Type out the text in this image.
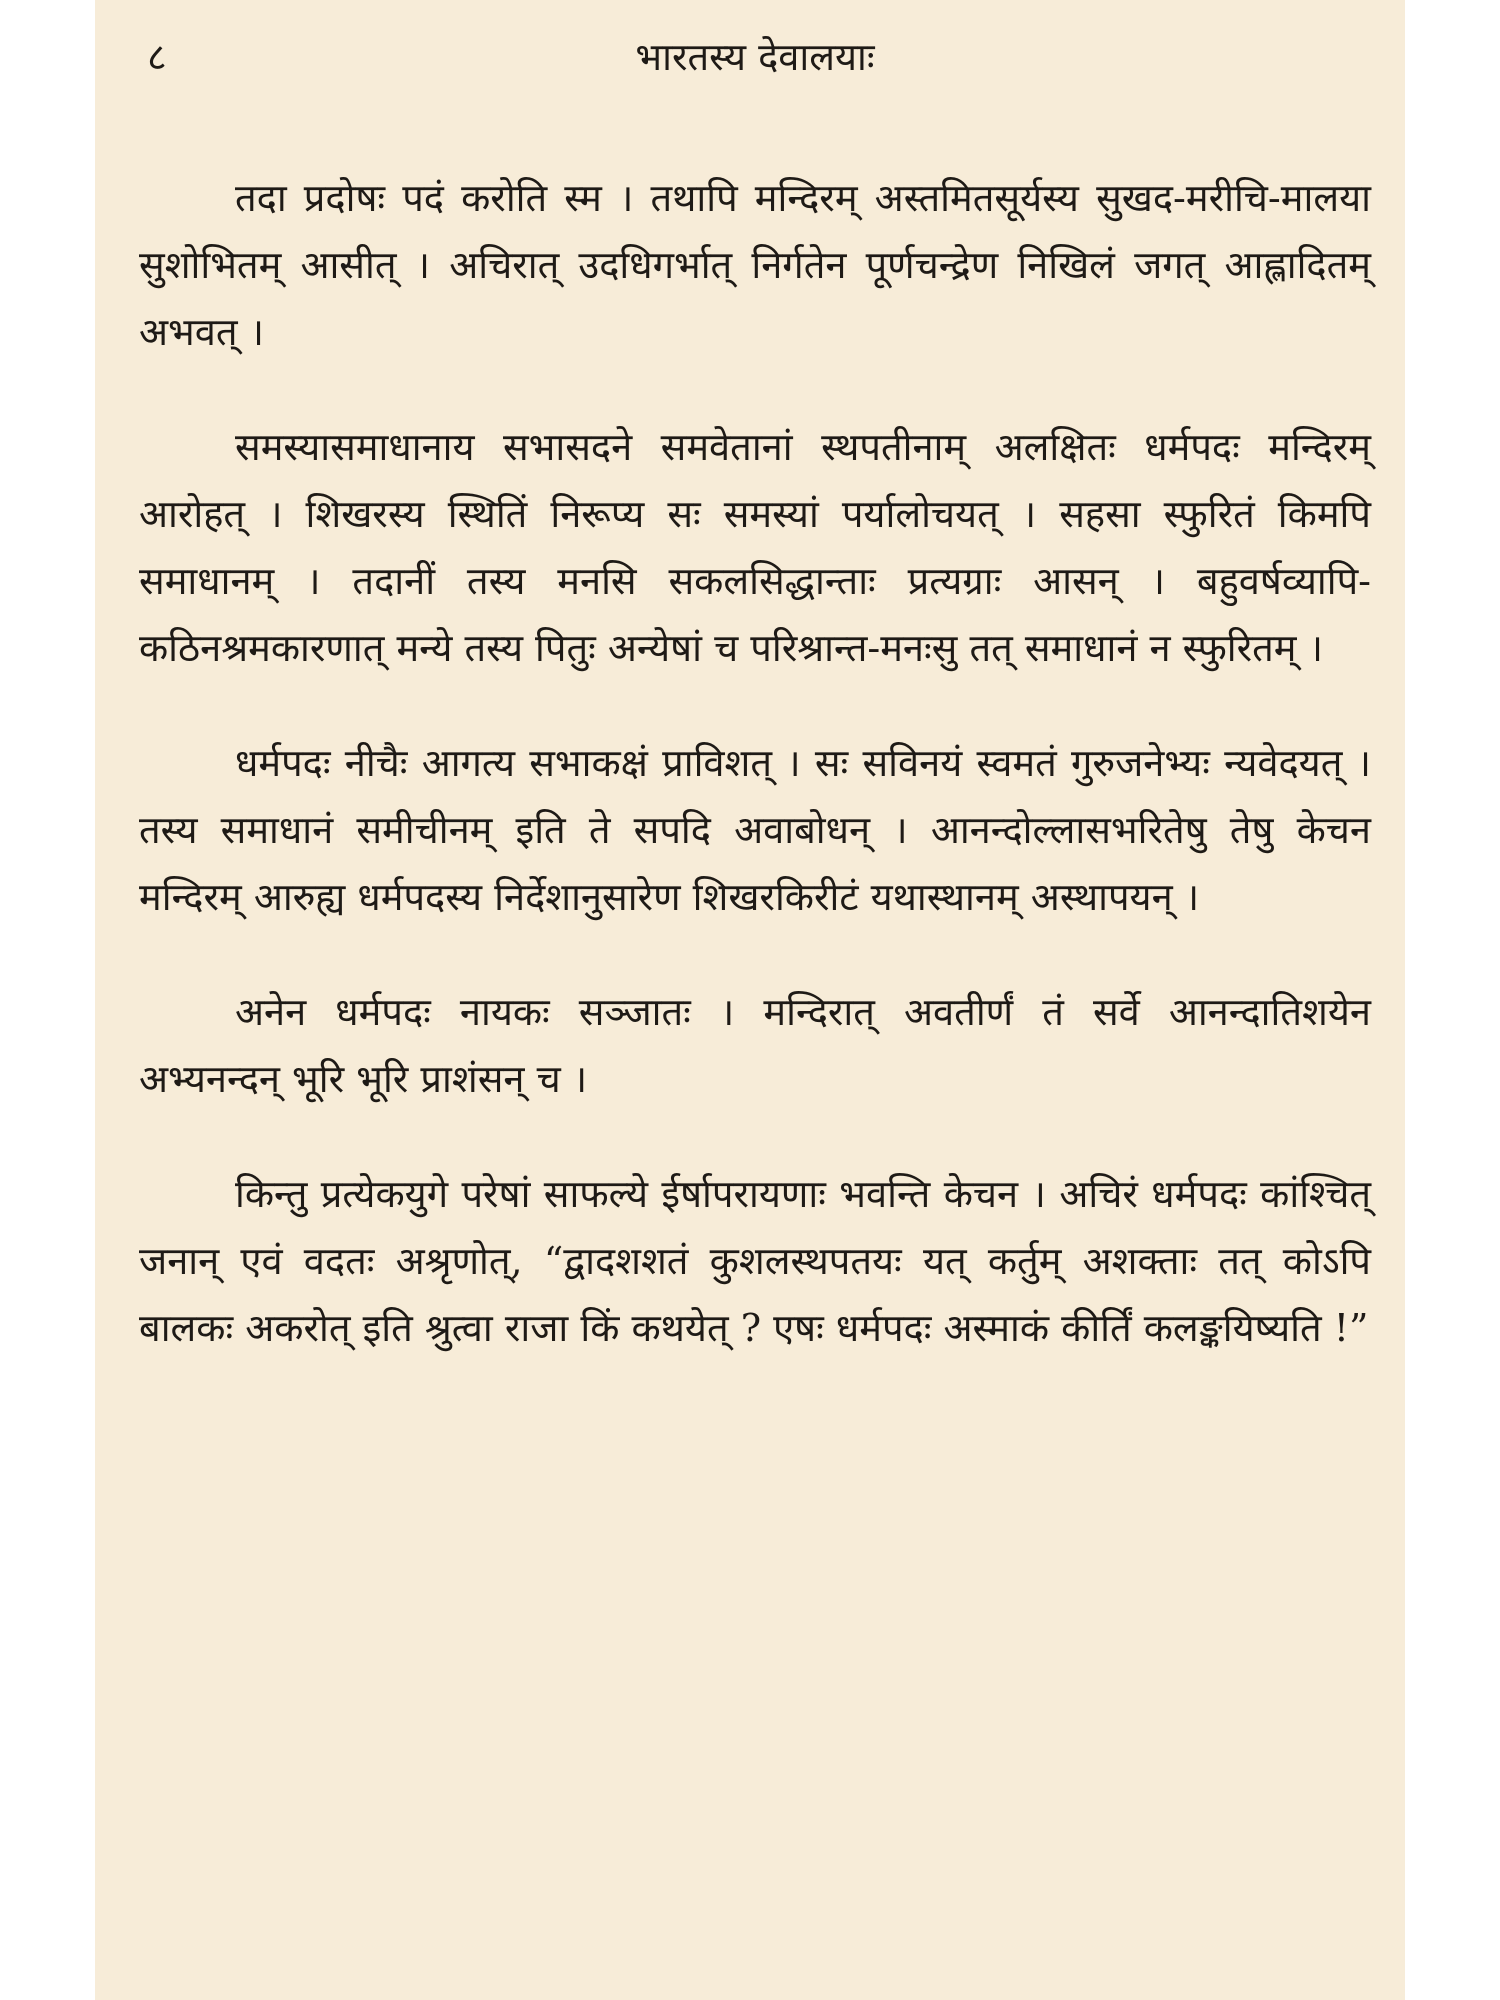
८	भारतस्य देवालयाः

तदा प्रदोषः पदं करोति स्म । तथापि मन्दिरम् अस्तमितसूर्यस्य सुखद-मरीचि-मालया सुशोभितम् आसीत् । अचिरात् उदधिगर्भात् निर्गतेन पूर्णचन्द्रेण निखिलं जगत् आह्लादितम् अभवत् ।

समस्यासमाधानाय सभासदने समवेतानां स्थपतीनाम् अलक्षितः धर्मपदः मन्दिरम् आरोहत् । शिखरस्य स्थितिं निरूप्य सः समस्यां पर्यालोचयत् । सहसा स्फुरितं किमपि समाधानम् । तदानीं तस्य मनसि सकलसिद्धान्ताः प्रत्यग्राः आसन् । बहुवर्षव्यापि-कठिनश्रमकारणात् मन्ये तस्य पितुः अन्येषां च परिश्रान्त-मनःसु तत् समाधानं न स्फुरितम् ।

धर्मपदः नीचैः आगत्य सभाकक्षं प्राविशत् । सः सविनयं स्वमतं गुरुजनेभ्यः न्यवेदयत् । तस्य समाधानं समीचीनम् इति ते सपदि अवाबोधन् । आनन्दोल्लासभरितेषु तेषु केचन मन्दिरम् आरुह्य धर्मपदस्य निर्देशानुसारेण शिखरकिरीटं यथास्थानम् अस्थापयन् ।

अनेन धर्मपदः नायकः सञ्जातः । मन्दिरात् अवतीर्णं तं सर्वे आनन्दातिशयेन अभ्यनन्दन् भूरि भूरि प्राशंसन् च ।

किन्तु प्रत्येकयुगे परेषां साफल्ये ईर्षापरायणाः भवन्ति केचन । अचिरं धर्मपदः कांश्चित् जनान् एवं वदतः अश्रृणोत्, “द्वादशशतं कुशलस्थपतयः यत् कर्तुम् अशक्ताः तत् कोऽपि बालकः अकरोत् इति श्रुत्वा राजा किं कथयेत् ? एषः धर्मपदः अस्माकं कीर्तिं कलङ्कयिष्यति !”
